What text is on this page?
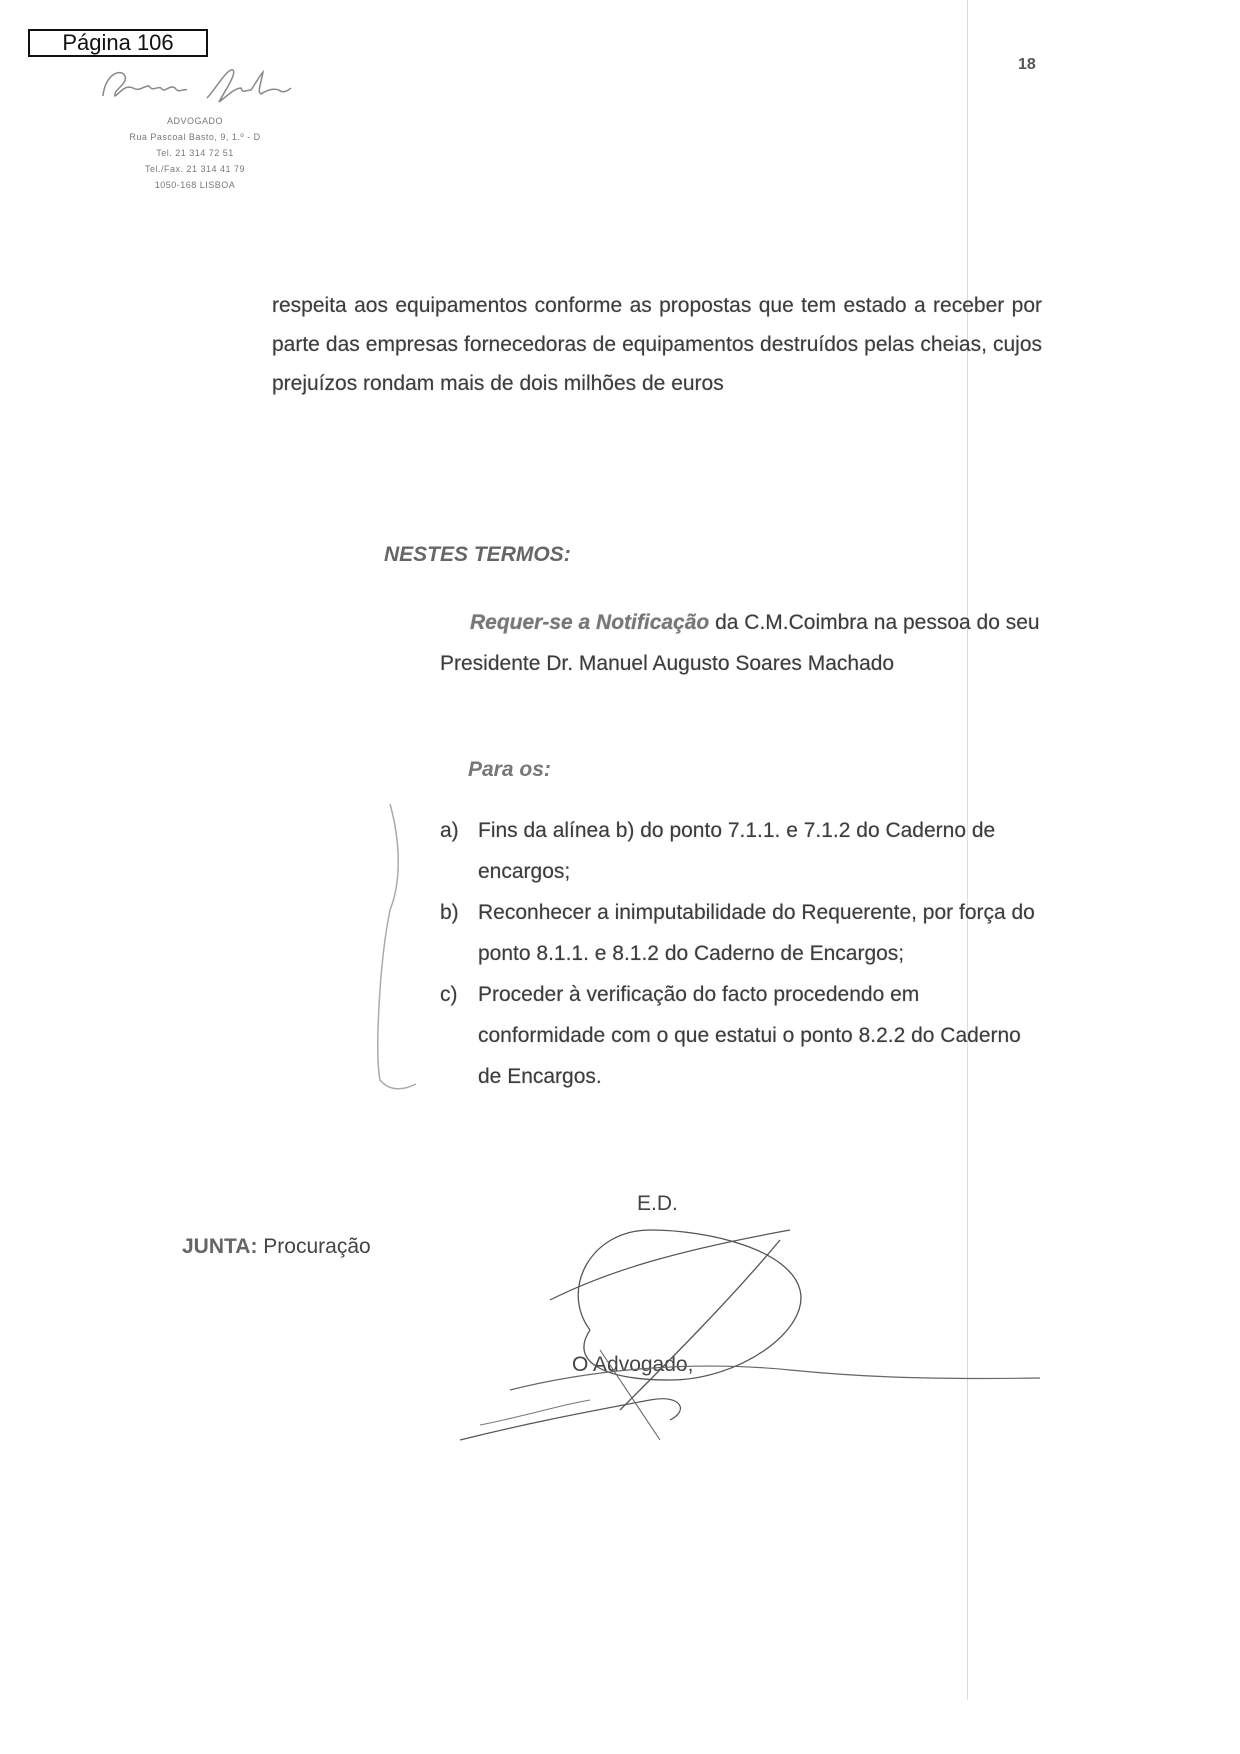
Página 106
18
ADVOGADO
Rua Pascoal Basto, 9, 1.º - D
Tel. 21 314 72 51
Tel./Fax. 21 314 41 79
1050-168 LISBOA
respeita aos equipamentos conforme as propostas que tem estado a receber por parte das empresas fornecedoras de equipamentos destruídos pelas cheias, cujos prejuízos rondam mais de dois milhões de euros
NESTES TERMOS:
Requer-se a Notificação da C.M.Coimbra na pessoa do seu Presidente Dr. Manuel Augusto Soares Machado
Para os:
a) Fins da alínea b) do ponto 7.1.1. e 7.1.2 do Caderno de encargos;
b) Reconhecer a inimputabilidade do Requerente, por força do ponto 8.1.1. e 8.1.2 do Caderno de Encargos;
c) Proceder à verificação do facto procedendo em conformidade com o que estatui o ponto 8.2.2 do Caderno de Encargos.
E.D.
JUNTA: Procuração
O Advogado,
